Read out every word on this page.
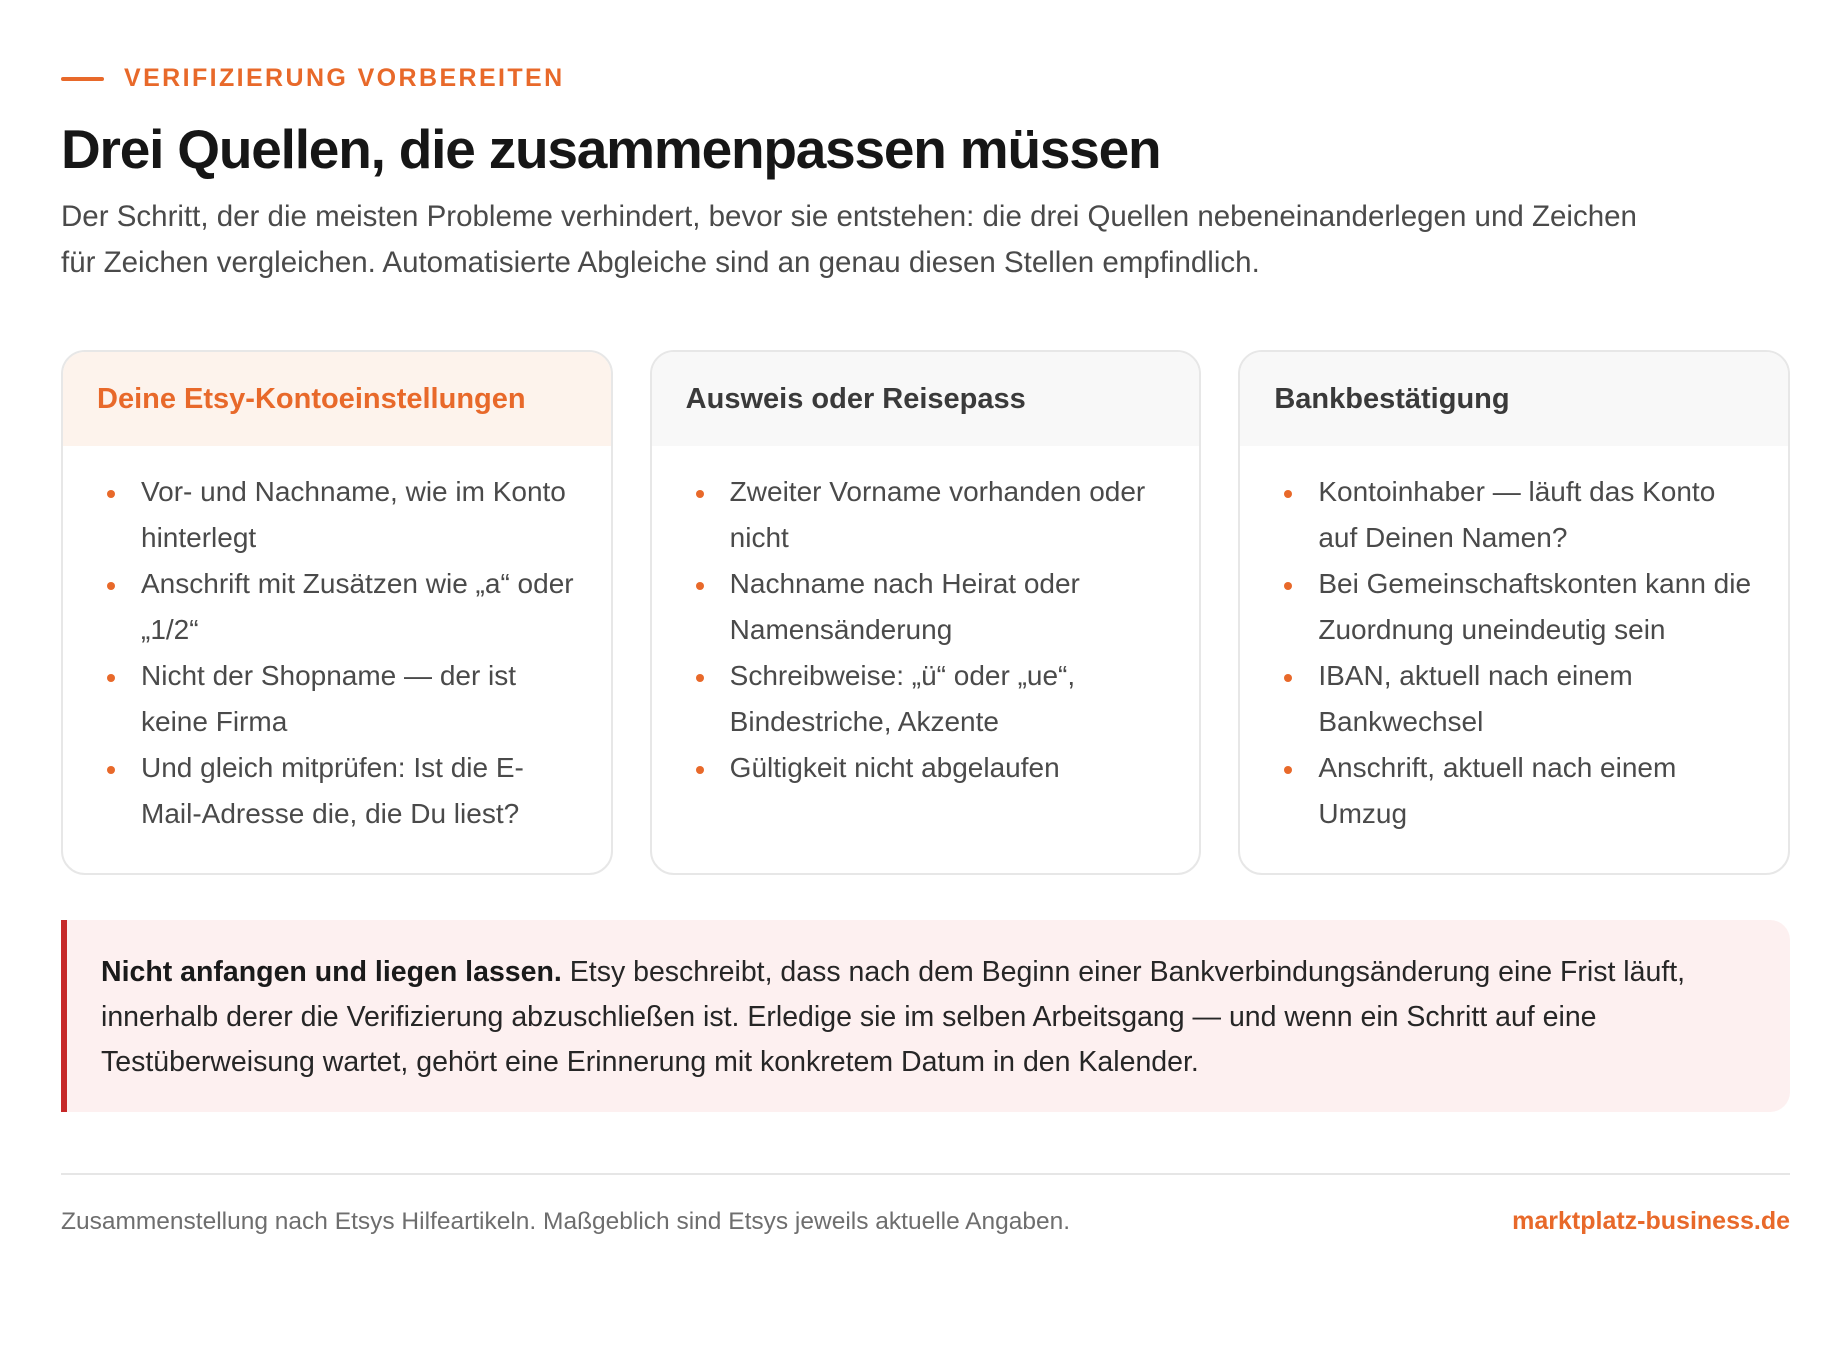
VERIFIZIERUNG VORBEREITEN
Drei Quellen, die zusammenpassen müssen

Der Schritt, der die meisten Probleme verhindert, bevor sie entstehen: die drei Quellen nebeneinanderlegen und Zeichen für Zeichen vergleichen. Automatisierte Abgleiche sind an genau diesen Stellen empfindlich.

Deine Etsy-Kontoeinstellungen
Vor- und Nachname, wie im Konto hinterlegt
Anschrift mit Zusätzen wie „a“ oder „1/2“
Nicht der Shopname — der ist keine Firma
Und gleich mitprüfen: Ist die E-Mail-Adresse die, die Du liest?
Ausweis oder Reisepass
Zweiter Vorname vorhanden oder nicht
Nachname nach Heirat oder Namensänderung
Schreibweise: „ü“ oder „ue“, Bindestriche, Akzente
Gültigkeit nicht abgelaufen
Bankbestätigung
Kontoinhaber — läuft das Konto auf Deinen Namen?
Bei Gemeinschaftskonten kann die Zuordnung uneindeutig sein
IBAN, aktuell nach einem Bankwechsel
Anschrift, aktuell nach einem Umzug
Nicht anfangen und liegen lassen. Etsy beschreibt, dass nach dem Beginn einer Bankverbindungsänderung eine Frist läuft, innerhalb derer die Verifizierung abzuschließen ist. Erledige sie im selben Arbeitsgang — und wenn ein Schritt auf eine Testüberweisung wartet, gehört eine Erinnerung mit konkretem Datum in den Kalender.
Zusammenstellung nach Etsys Hilfeartikeln. Maßgeblich sind Etsys jeweils aktuelle Angaben.	marktplatz-business.de
